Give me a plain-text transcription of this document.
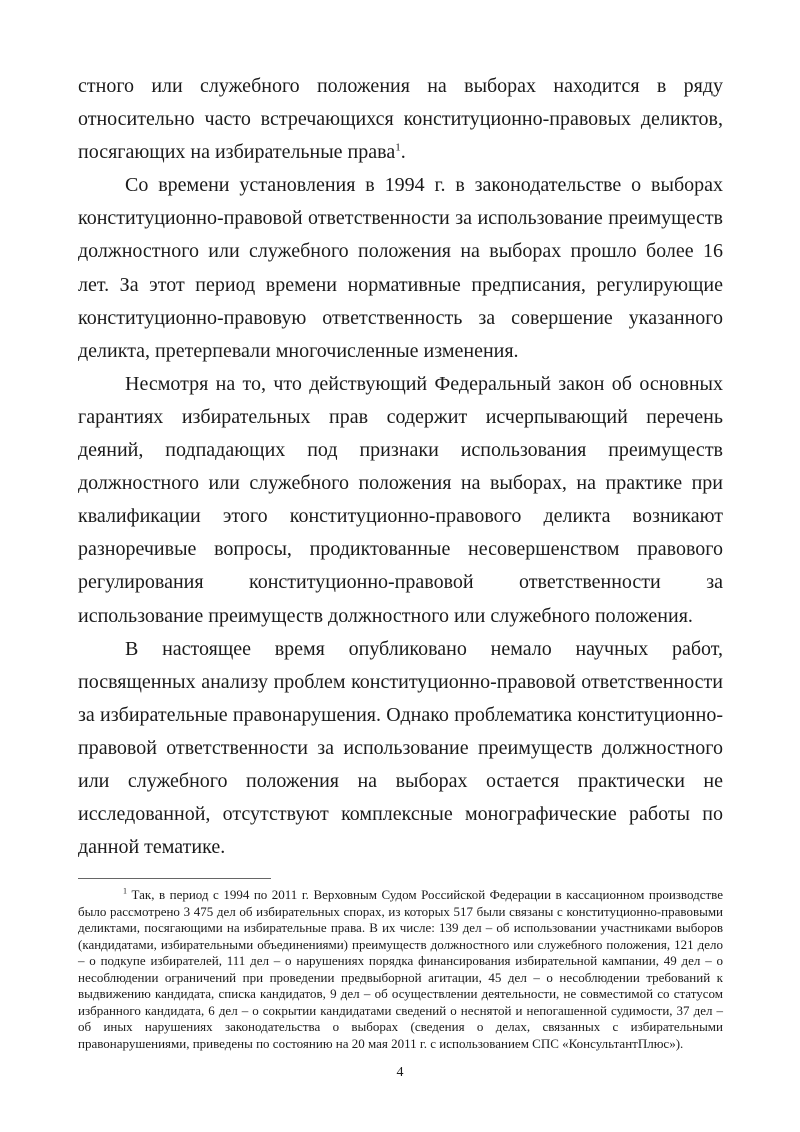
стного или служебного положения на выборах находится в ряду относительно часто встречающихся конституционно-правовых деликтов, посягающих на избирательные права$^1$.

Со времени установления в 1994 г. в законодательстве о выборах конституционно-правовой ответственности за использование преимуществ должностного или служебного положения на выборах прошло более 16 лет. За этот период времени нормативные предписания, регулирующие конституционно-правовую ответственность за совершение указанного деликта, претерпевали многочисленные изменения.

Несмотря на то, что действующий Федеральный закон об основных гарантиях избирательных прав содержит исчерпывающий перечень деяний, подпадающих под признаки использования преимуществ должностного или служебного положения на выборах, на практике при квалификации этого конституционно-правового деликта возникают разноречивые вопросы, продиктованные несовершенством правового регулирования конституционно-правовой ответственности за использование преимуществ должностного или служебного положения.

В настоящее время опубликовано немало научных работ, посвященных анализу проблем конституционно-правовой ответственности за избирательные правонарушения. Однако проблематика конституционно-правовой ответственности за использование преимуществ должностного или служебного положения на выборах остается практически не исследованной, отсутствуют комплексные монографические работы по данной тематике.

$^1$ Так, в период с 1994 по 2011 г. Верховным Судом Российской Федерации в кассационном производстве было рассмотрено 3 475 дел об избирательных спорах, из которых 517 были связаны с конституционно-правовыми деликтами, посягающими на избирательные права. В их числе: 139 дел – об использовании участниками выборов (кандидатами, избирательными объединениями) преимуществ должностного или служебного положения, 121 дело – о подкупе избирателей, 111 дел – о нарушениях порядка финансирования избирательной кампании, 49 дел – о несоблюдении ограничений при проведении предвыборной агитации, 45 дел – о несоблюдении требований к выдвижению кандидата, списка кандидатов, 9 дел – об осуществлении деятельности, не совместимой со статусом избранного кандидата, 6 дел – о сокрытии кандидатами сведений о неснятой и непогашенной судимости, 37 дел – об иных нарушениях законодательства о выборах (сведения о делах, связанных с избирательными правонарушениями, приведены по состоянию на 20 мая 2011 г. с использованием СПС «КонсультантПлюс»).

4
